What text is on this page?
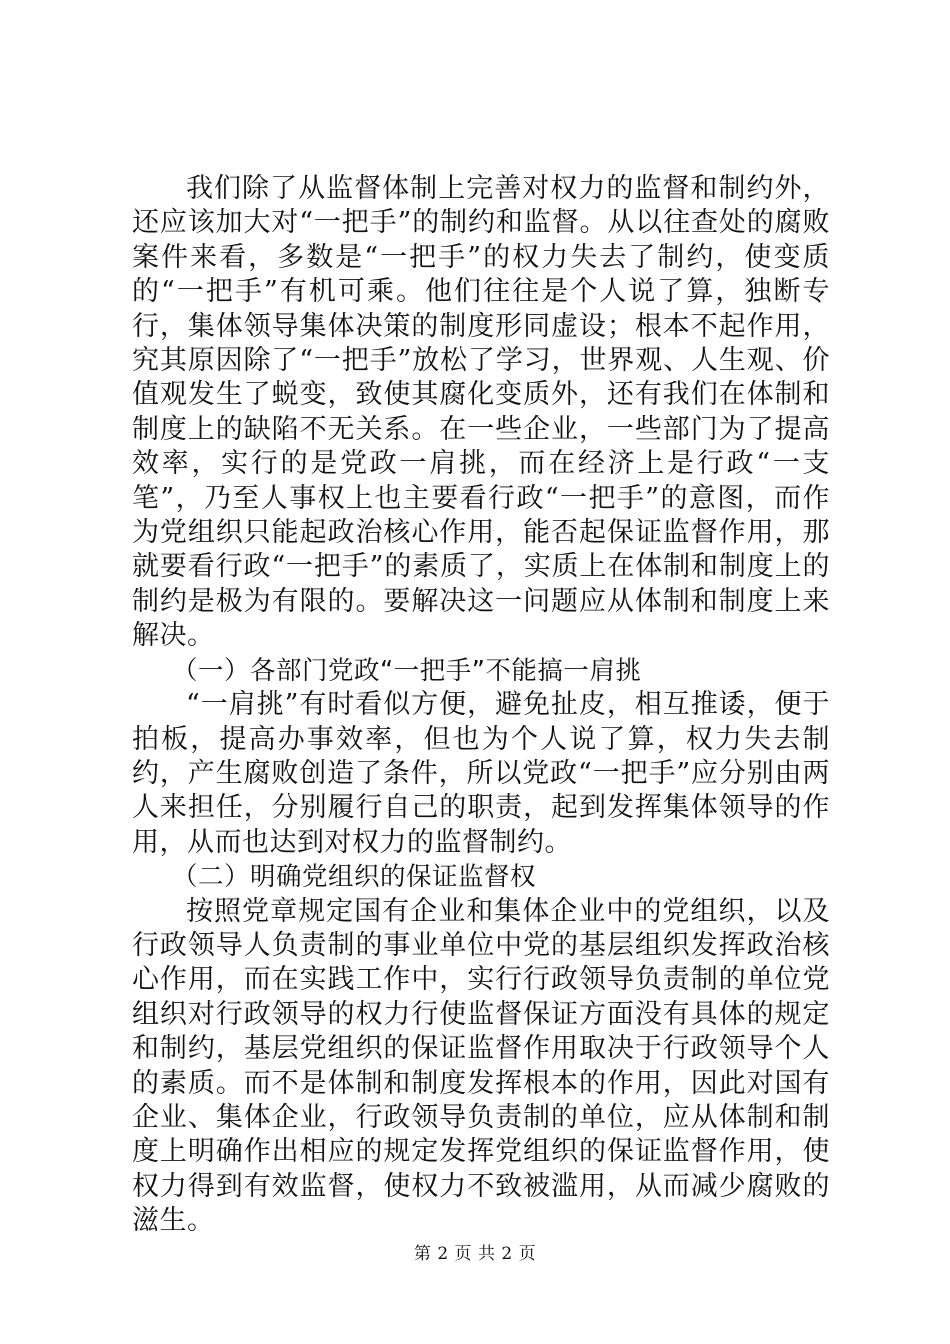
我们除了从监督体制上完善对权力的监督和制约外，还应该加大对“一把手”的制约和监督。从以往查处的腐败案件来看，多数是“一把手”的权力失去了制约，使变质的“一把手”有机可乘。他们往往是个人说了算，独断专行，集体领导集体决策的制度形同虚设；根本不起作用，究其原因除了“一把手”放松了学习，世界观、人生观、价值观发生了蜕变，致使其腐化变质外，还有我们在体制和制度上的缺陷不无关系。在一些企业，一些部门为了提高效率，实行的是党政一肩挑，而在经济上是行政“一支笔”，乃至人事权上也主要看行政“一把手”的意图，而作为党组织只能起政治核心作用，能否起保证监督作用，那就要看行政“一把手”的素质了，实质上在体制和制度上的制约是极为有限的。要解决这一问题应从体制和制度上来解决。

（一）各部门党政“一把手”不能搞一肩挑

“一肩挑”有时看似方便，避免扯皮，相互推诿，便于拍板，提高办事效率，但也为个人说了算，权力失去制约，产生腐败创造了条件，所以党政“一把手”应分别由两人来担任，分别履行自己的职责，起到发挥集体领导的作用，从而也达到对权力的监督制约。

（二）明确党组织的保证监督权

按照党章规定国有企业和集体企业中的党组织，以及行政领导人负责制的事业单位中党的基层组织发挥政治核心作用，而在实践工作中，实行行政领导负责制的单位党组织对行政领导的权力行使监督保证方面没有具体的规定和制约，基层党组织的保证监督作用取决于行政领导个人的素质。而不是体制和制度发挥根本的作用，因此对国有企业、集体企业，行政领导负责制的单位，应从体制和制度上明确作出相应的规定发挥党组织的保证监督作用，使权力得到有效监督，使权力不致被滥用，从而减少腐败的滋生。

第 2 页 共 2 页
